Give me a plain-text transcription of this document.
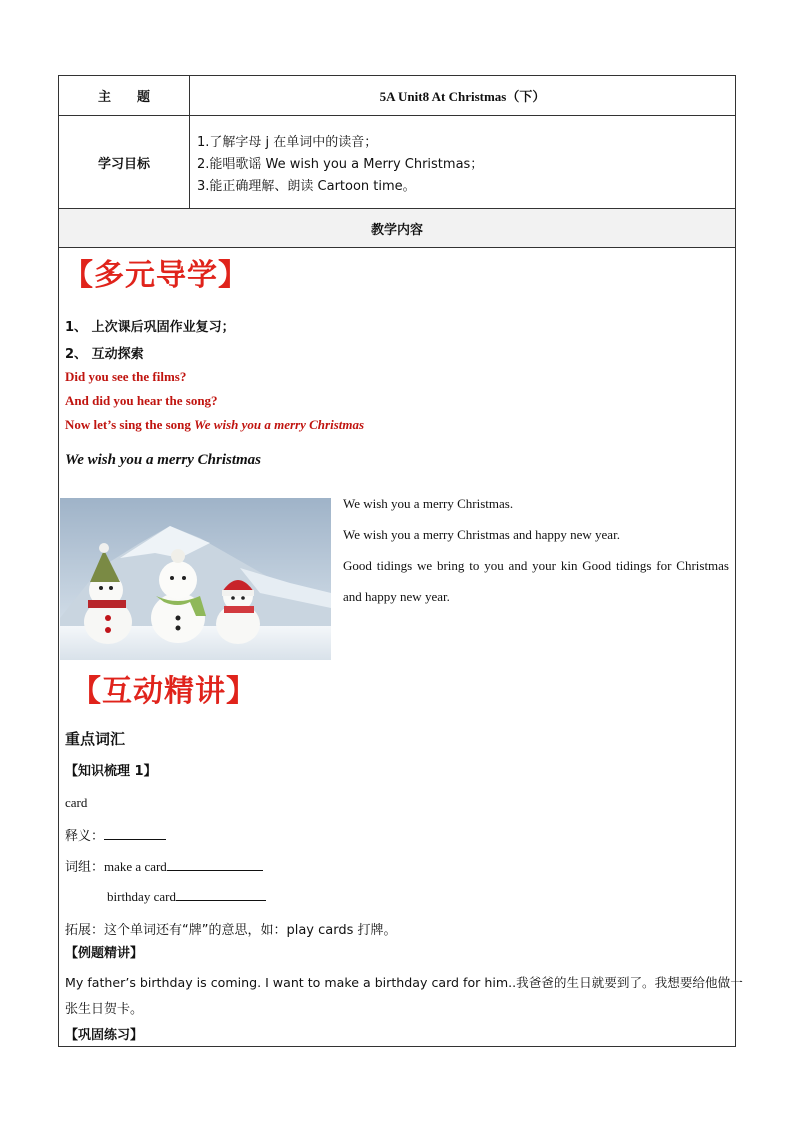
主　　题	5A Unit8 At Christmas（下）
学习目标
1.了解字母 j 在单词中的读音；
2.能唱歌谣 We wish you a Merry Christmas；
3.能正确理解、朗读 Cartoon time。
教学内容
【多元导学】
1、 上次课后巩固作业复习；
2、 互动探索
Did you see the films?
And did you hear the song?
Now let’s sing the song We wish you a merry Christmas
We wish you a merry Christmas
We wish you a merry Christmas.
We wish you a merry Christmas and happy new year.
Good tidings we bring to you and your kin Good tidings for Christmas and happy new year.
【互动精讲】
重点词汇
【知识梳理 1】
card
释义：
词组：make a card
birthday card
拓展：这个单词还有“牌”的意思，如：play cards 打牌。
【例题精讲】
My father’s birthday is coming. I want to make a birthday card for him..我爸爸的生日就要到了。我想要给他做一
张生日贺卡。
【巩固练习】
